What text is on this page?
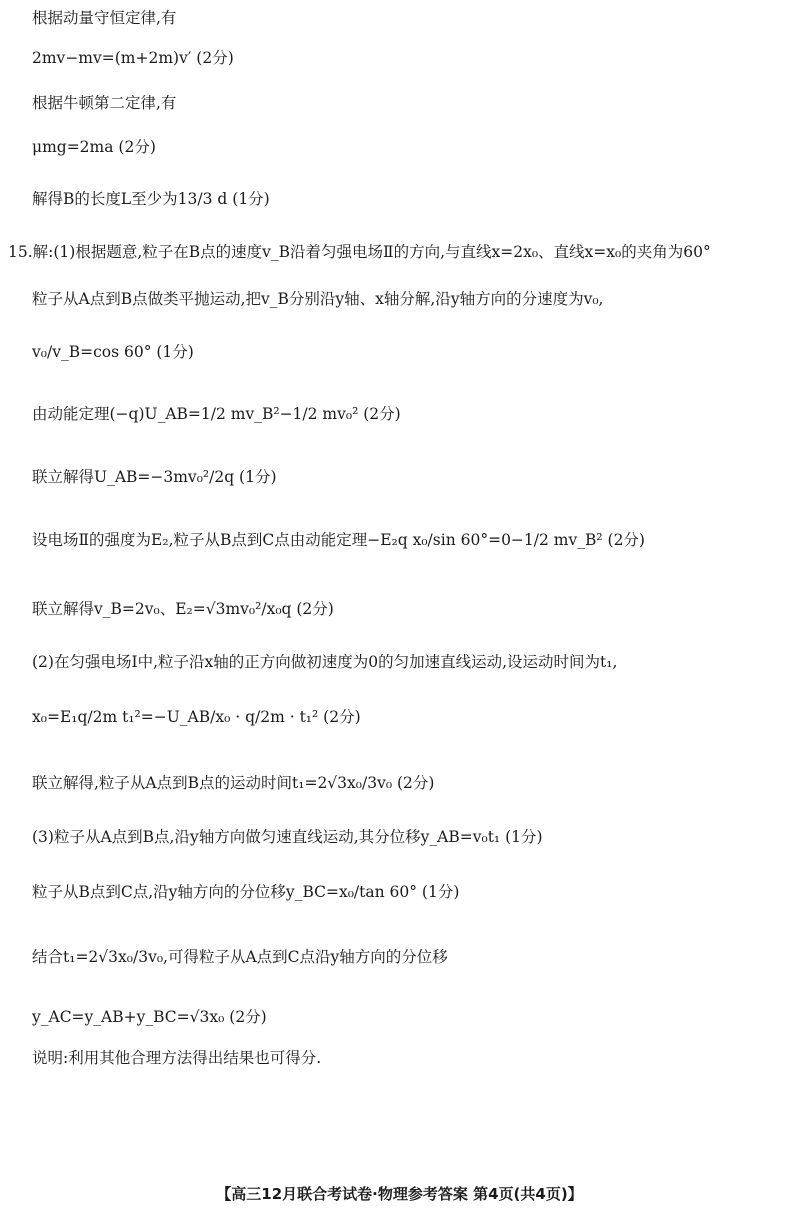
根据动量守恒定律,有
2mv−mv=(m+2m)v′ (2分)
根据牛顿第二定律,有
μmg=2ma (2分)
解得B的长度L至少为13/3 d (1分)
15.解:(1)根据题意,粒子在B点的速度v_B沿着匀强电场Ⅱ的方向,与直线x=2x₀、直线x=x₀的夹角为60°
粒子从A点到B点做类平抛运动,把v_B分别沿y轴、x轴分解,沿y轴方向的分速度为v₀,
v₀/v_B=cos 60° (1分)
由动能定理(−q)U_AB=1/2 mv_B²−1/2 mv₀² (2分)
联立解得U_AB=−3mv₀²/2q (1分)
设电场Ⅱ的强度为E₂,粒子从B点到C点由动能定理−E₂q x₀/sin 60°=0−1/2 mv_B² (2分)
联立解得v_B=2v₀、E₂=√3mv₀²/x₀q (2分)
(2)在匀强电场Ⅰ中,粒子沿x轴的正方向做初速度为0的匀加速直线运动,设运动时间为t₁,
x₀=E₁q/2m t₁²=−U_AB/x₀ · q/2m · t₁² (2分)
联立解得,粒子从A点到B点的运动时间t₁=2√3x₀/3v₀ (2分)
(3)粒子从A点到B点,沿y轴方向做匀速直线运动,其分位移y_AB=v₀t₁ (1分)
粒子从B点到C点,沿y轴方向的分位移y_BC=x₀/tan 60° (1分)
结合t₁=2√3x₀/3v₀,可得粒子从A点到C点沿y轴方向的分位移
y_AC=y_AB+y_BC=√3x₀ (2分)
说明:利用其他合理方法得出结果也可得分.
【高三12月联合考试卷·物理参考答案 第4页(共4页)】
